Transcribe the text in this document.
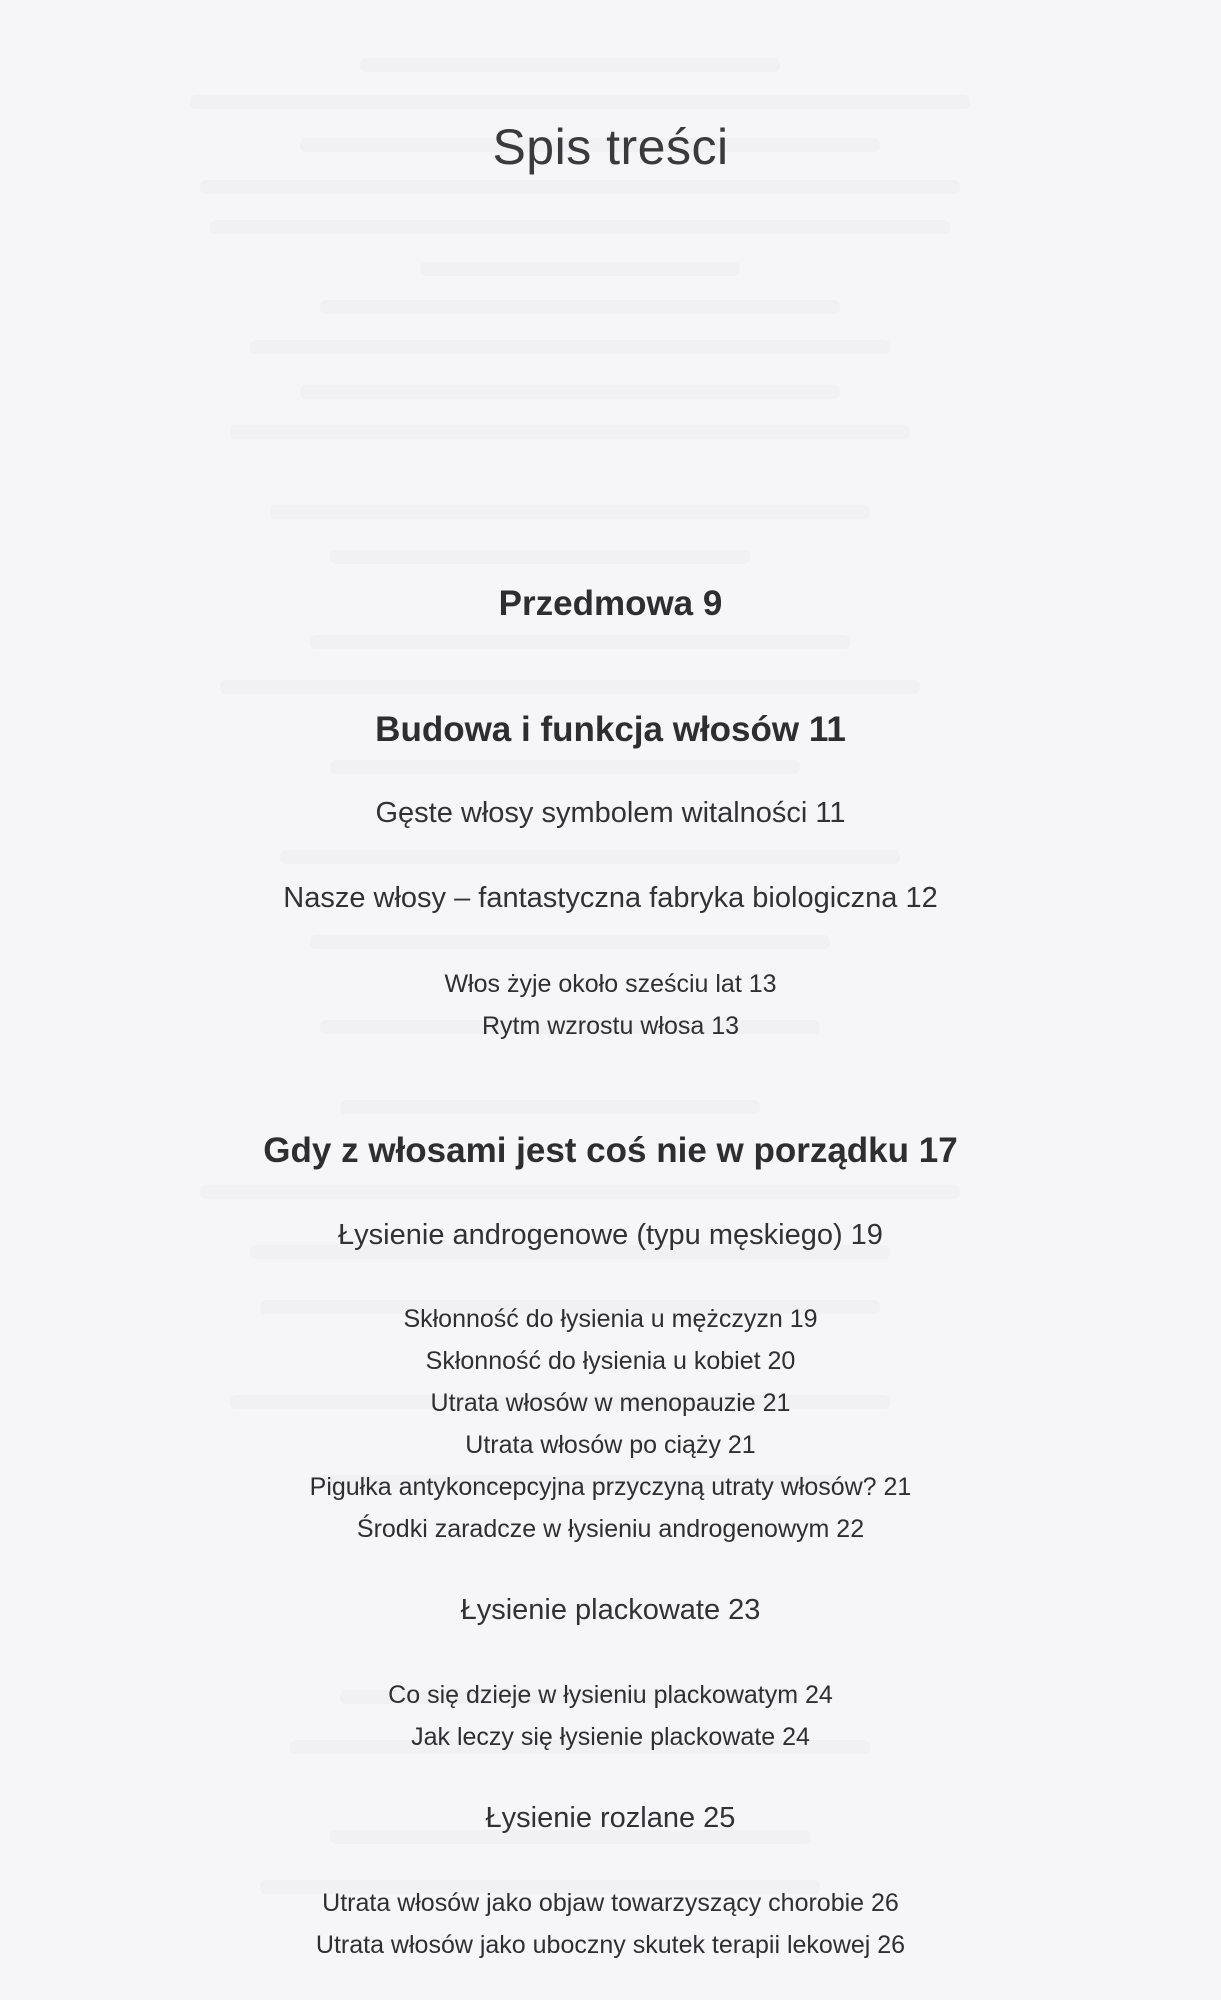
Spis treści
Przedmowa 9
Budowa i funkcja włosów 11
Gęste włosy symbolem witalności 11
Nasze włosy – fantastyczna fabryka biologiczna 12
Włos żyje około sześciu lat 13
Rytm wzrostu włosa 13
Gdy z włosami jest coś nie w porządku 17
Łysienie androgenowe (typu męskiego) 19
Skłonność do łysienia u mężczyzn 19
Skłonność do łysienia u kobiet 20
Utrata włosów w menopauzie 21
Utrata włosów po ciąży 21
Pigułka antykoncepcyjna przyczyną utraty włosów? 21
Środki zaradcze w łysieniu androgenowym 22
Łysienie plackowate 23
Co się dzieje w łysieniu plackowatym 24
Jak leczy się łysienie plackowate 24
Łysienie rozlane 25
Utrata włosów jako objaw towarzyszący chorobie 26
Utrata włosów jako uboczny skutek terapii lekowej 26
